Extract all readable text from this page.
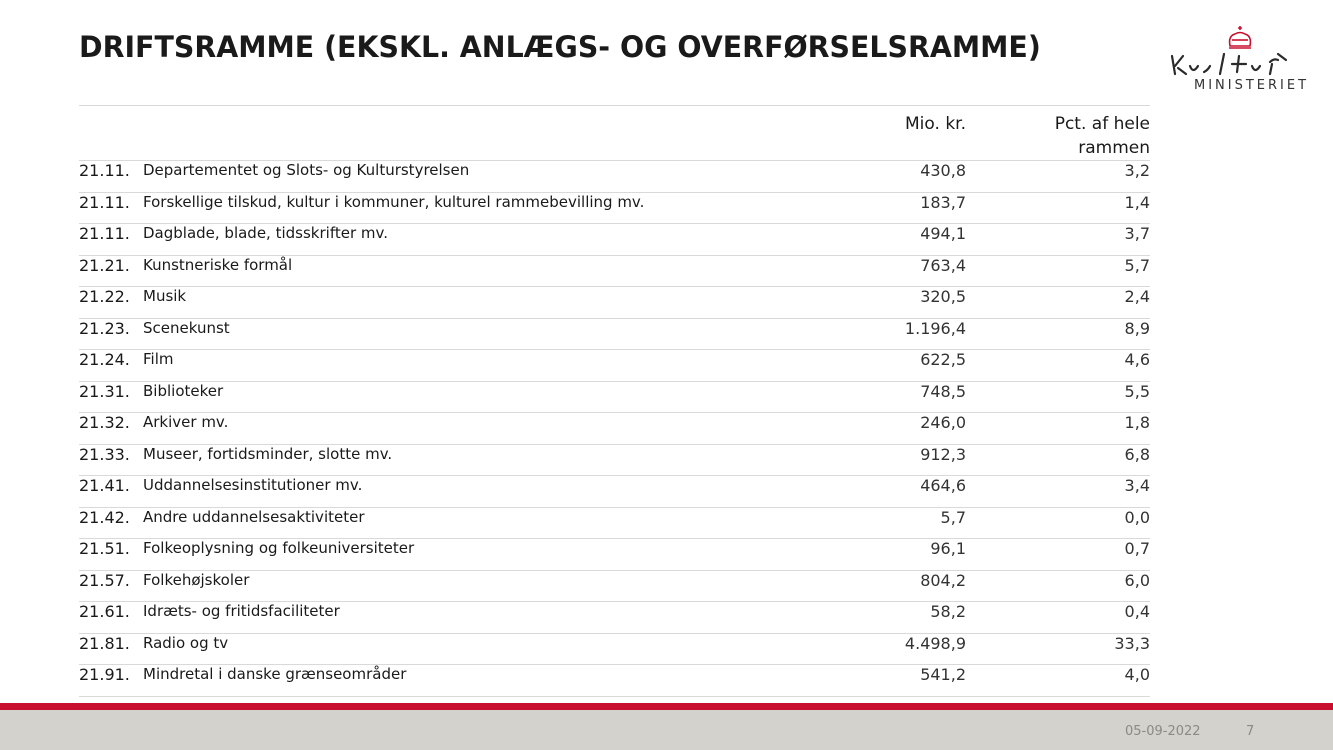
DRIFTSRAMME (EKSKL. ANLÆGS- OG OVERFØRSELSRAMME)
MINISTERIET
		Mio. kr.	Pct. af hele
rammen

21.11.	Departementet og Slots- og Kulturstyrelsen	430,8	3,2
21.11.	Forskellige tilskud, kultur i kommuner, kulturel rammebevilling mv.	183,7	1,4
21.11.	Dagblade, blade, tidsskrifter mv.	494,1	3,7
21.21.	Kunstneriske formål	763,4	5,7
21.22.	Musik	320,5	2,4
21.23.	Scenekunst	1.196,4	8,9
21.24.	Film	622,5	4,6
21.31.	Biblioteker	748,5	5,5
21.32.	Arkiver mv.	246,0	1,8
21.33.	Museer, fortidsminder, slotte mv.	912,3	6,8
21.41.	Uddannelsesinstitutioner mv.	464,6	3,4
21.42.	Andre uddannelsesaktiviteter	5,7	0,0
21.51.	Folkeoplysning og folkeuniversiteter	96,1	0,7
21.57.	Folkehøjskoler	804,2	6,0
21.61.	Idræts- og fritidsfaciliteter	58,2	0,4
21.81.	Radio og tv	4.498,9	33,3
21.91.	Mindretal i danske grænseområder	541,2	4,0
05-09-2022	7
